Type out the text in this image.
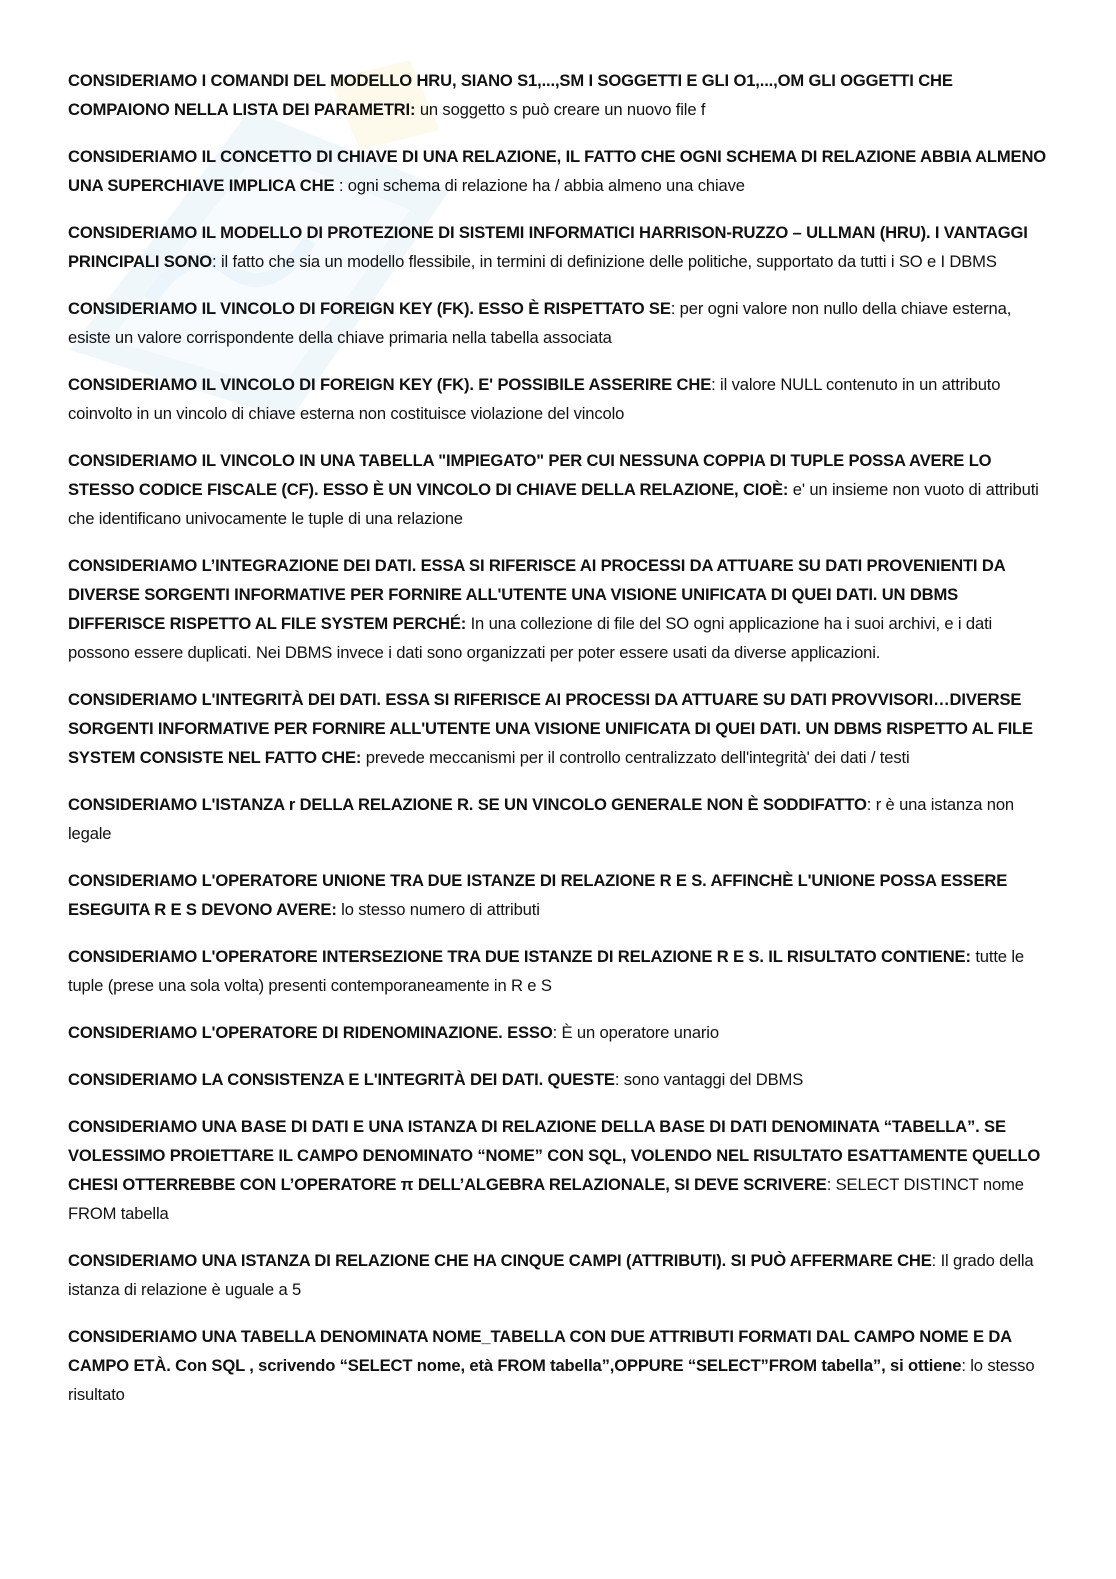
CONSIDERIAMO I COMANDI DEL MODELLO HRU, SIANO S1,...,SM I SOGGETTI E GLI O1,...,OM GLI OGGETTI CHE COMPAIONO NELLA LISTA DEI PARAMETRI: un soggetto s può creare un nuovo file f

CONSIDERIAMO IL CONCETTO DI CHIAVE DI UNA RELAZIONE, IL FATTO CHE OGNI SCHEMA DI RELAZIONE ABBIA ALMENO UNA SUPERCHIAVE IMPLICA CHE : ogni schema di relazione ha / abbia almeno una chiave

CONSIDERIAMO IL MODELLO DI PROTEZIONE DI SISTEMI INFORMATICI HARRISON-RUZZO – ULLMAN (HRU). I VANTAGGI PRINCIPALI SONO: il fatto che sia un modello flessibile, in termini di definizione delle politiche, supportato da tutti i SO e I DBMS

CONSIDERIAMO IL VINCOLO DI FOREIGN KEY (FK). ESSO È RISPETTATO SE: per ogni valore non nullo della chiave esterna, esiste un valore corrispondente della chiave primaria nella tabella associata

CONSIDERIAMO IL VINCOLO DI FOREIGN KEY (FK). E' POSSIBILE ASSERIRE CHE: il valore NULL contenuto in un attributo coinvolto in un vincolo di chiave esterna non costituisce violazione del vincolo

CONSIDERIAMO IL VINCOLO IN UNA TABELLA "IMPIEGATO" PER CUI NESSUNA COPPIA DI TUPLE POSSA AVERE LO STESSO CODICE FISCALE (CF). ESSO È UN VINCOLO DI CHIAVE DELLA RELAZIONE, CIOÈ: e' un insieme non vuoto di attributi che identificano univocamente le tuple di una relazione

CONSIDERIAMO L’INTEGRAZIONE DEI DATI. ESSA SI RIFERISCE AI PROCESSI DA ATTUARE SU DATI PROVENIENTI DA DIVERSE SORGENTI INFORMATIVE PER FORNIRE ALL'UTENTE UNA VISIONE UNIFICATA DI QUEI DATI. UN DBMS DIFFERISCE RISPETTO AL FILE SYSTEM PERCHÉ: In una collezione di file del SO ogni applicazione ha i suoi archivi, e i dati possono essere duplicati. Nei DBMS invece i dati sono organizzati per poter essere usati da diverse applicazioni.

CONSIDERIAMO L'INTEGRITÀ DEI DATI. ESSA SI RIFERISCE AI PROCESSI DA ATTUARE SU DATI PROVVISORI…DIVERSE SORGENTI INFORMATIVE PER FORNIRE ALL'UTENTE UNA VISIONE UNIFICATA DI QUEI DATI. UN DBMS RISPETTO AL FILE SYSTEM CONSISTE NEL FATTO CHE: prevede meccanismi per il controllo centralizzato dell'integrità' dei dati / testi

CONSIDERIAMO L'ISTANZA r DELLA RELAZIONE R. SE UN VINCOLO GENERALE NON È SODDIFATTO: r è una istanza non legale

CONSIDERIAMO L'OPERATORE UNIONE TRA DUE ISTANZE DI RELAZIONE R E S. AFFINCHÈ L'UNIONE POSSA ESSERE ESEGUITA R E S DEVONO AVERE: lo stesso numero di attributi

CONSIDERIAMO L'OPERATORE INTERSEZIONE TRA DUE ISTANZE DI RELAZIONE R E S. IL RISULTATO CONTIENE: tutte le tuple (prese una sola volta) presenti contemporaneamente in R e S

CONSIDERIAMO L'OPERATORE DI RIDENOMINAZIONE. ESSO: È un operatore unario

CONSIDERIAMO LA CONSISTENZA E L'INTEGRITÀ DEI DATI. QUESTE: sono vantaggi del DBMS

CONSIDERIAMO UNA BASE DI DATI E UNA ISTANZA DI RELAZIONE DELLA BASE DI DATI DENOMINATA “TABELLA”. SE VOLESSIMO PROIETTARE IL CAMPO DENOMINATO “NOME” CON SQL, VOLENDO NEL RISULTATO ESATTAMENTE QUELLO CHESI OTTERREBBE CON L’OPERATORE π DELL’ALGEBRA RELAZIONALE, SI DEVE SCRIVERE: SELECT DISTINCT nome FROM tabella

CONSIDERIAMO UNA ISTANZA DI RELAZIONE CHE HA CINQUE CAMPI (ATTRIBUTI). SI PUÒ AFFERMARE CHE: Il grado della istanza di relazione è uguale a 5

CONSIDERIAMO UNA TABELLA DENOMINATA NOME_TABELLA CON DUE ATTRIBUTI FORMATI DAL CAMPO NOME E DA CAMPO ETÀ. Con SQL , scrivendo “SELECT nome, età FROM tabella”,OPPURE “SELECT”FROM tabella”, si ottiene: lo stesso risultato
